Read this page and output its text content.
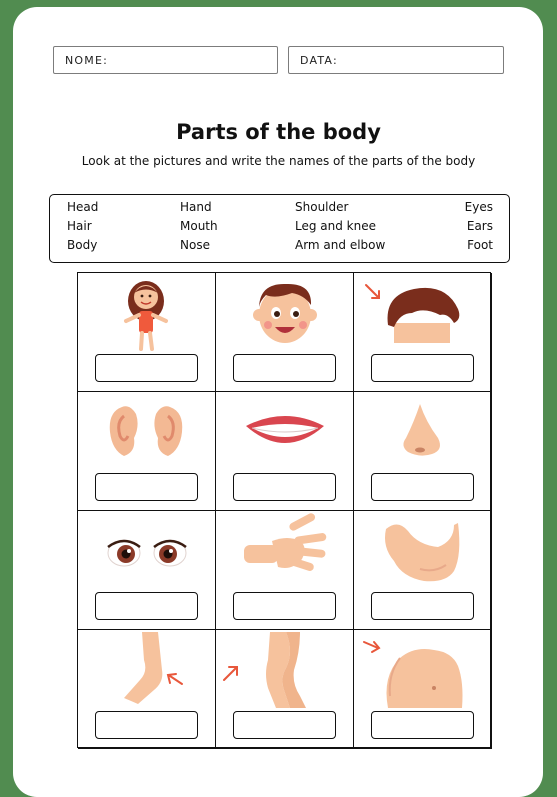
NOME:	DATA:
Parts of the body
Look at the pictures and write the names of the parts of the body
Head
Hair
Body
Hand
Mouth
Nose
Shoulder
Leg and knee
Arm and elbow
Eyes
Ears
Foot
